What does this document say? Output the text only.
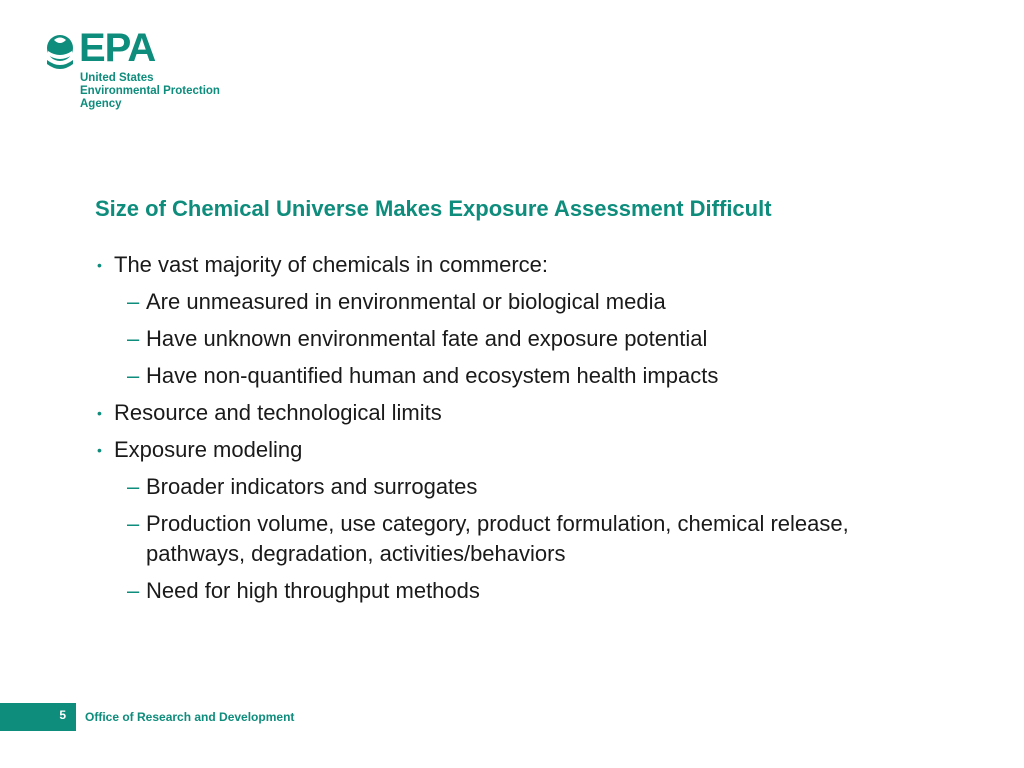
EPA
United States
Environmental Protection
Agency
Size of Chemical Universe Makes Exposure Assessment Difficult
• The vast majority of chemicals in commerce:
– Are unmeasured in environmental or biological media
– Have unknown environmental fate and exposure potential
– Have non-quantified human and ecosystem health impacts
• Resource and technological limits
• Exposure modeling
– Broader indicators and surrogates
– Production volume, use category, product formulation, chemical release, pathways, degradation, activities/behaviors
– Need for high throughput methods
5 Office of Research and Development
